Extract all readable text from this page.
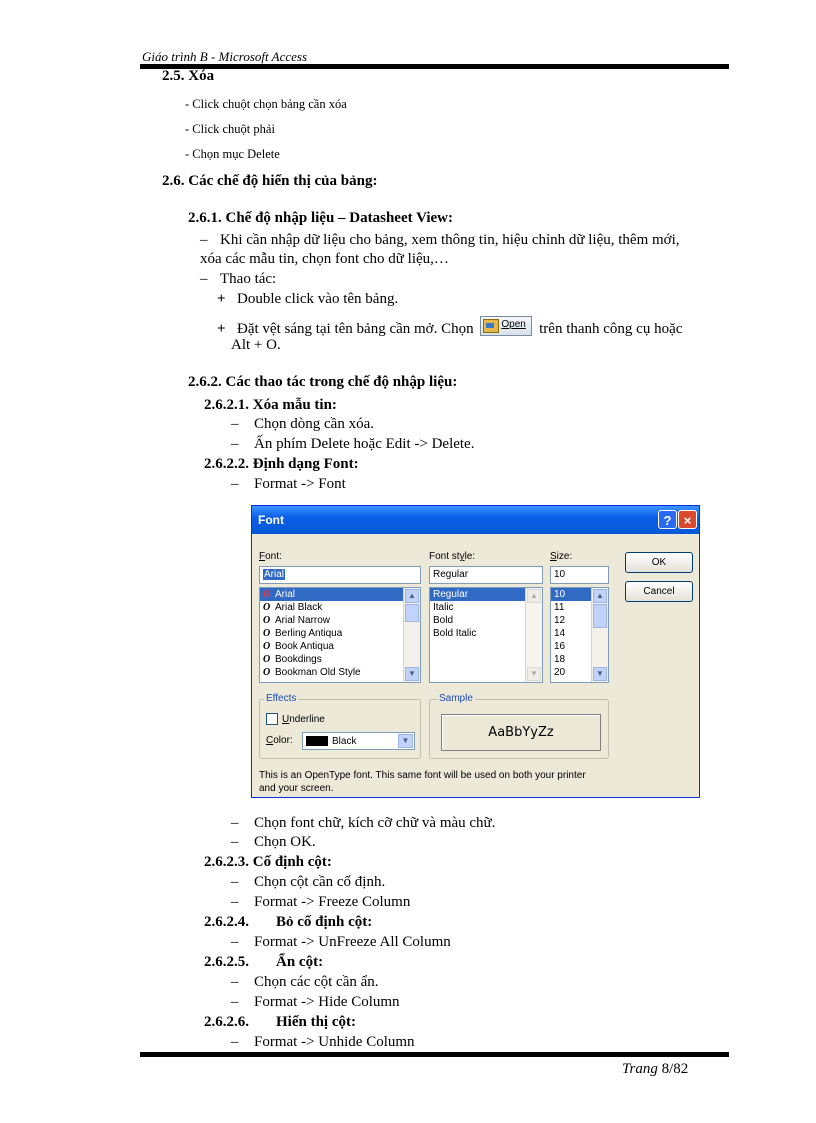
Giáo trình B - Microsoft Access
2.5. Xóa
- Click chuột chọn bảng cần xóa
- Click chuột phải
- Chọn mục Delete
2.6. Các chế độ hiển thị của bảng:
2.6.1. Chế độ nhập liệu – Datasheet View:
– Khi cần nhập dữ liệu cho bảng, xem thông tin, hiệu chỉnh dữ liệu, thêm mới,
xóa các mẫu tin, chọn font cho dữ liệu,…
– Thao tác:
+ Double click vào tên bảng.
+ Đặt vệt sáng tại tên bảng cần mở. Chọn	Open trên thanh công cụ hoặc
Alt + O.
2.6.2. Các thao tác trong chế độ nhập liệu:
2.6.2.1. Xóa mẫu tin:
– Chọn dòng cần xóa.
– Ấn phím Delete hoặc Edit -> Delete.
2.6.2.2. Định dạng Font:
– Format -> Font
Font	? ×
Font:	Font style:	Size:
Arial	Regular	10
O Arial
O Arial Black
O Arial Narrow
O Berling Antiqua
O Book Antiqua
O Bookdings
O Bookman Old Style
▲
▼
Regular
Italic
Bold
Bold Italic
▲
▼
10
11
12
14
16
18
20
▲
▼
OK
Cancel
Effects
Underline
Color:	Black	▼
Sample
AaBbYyZz
This is an OpenType font. This same font will be used on both your printer
and your screen.
– Chọn font chữ, kích cỡ chữ và màu chữ.
– Chọn OK.
2.6.2.3. Cố định cột:
– Chọn cột cần cố định.
– Format -> Freeze Column
2.6.2.4. Bỏ cố định cột:
– Format -> UnFreeze All Column
2.6.2.5. Ẩn cột:
– Chọn các cột cần ẩn.
– Format -> Hide Column
2.6.2.6. Hiển thị cột:
– Format -> Unhide Column
Trang 8/82
